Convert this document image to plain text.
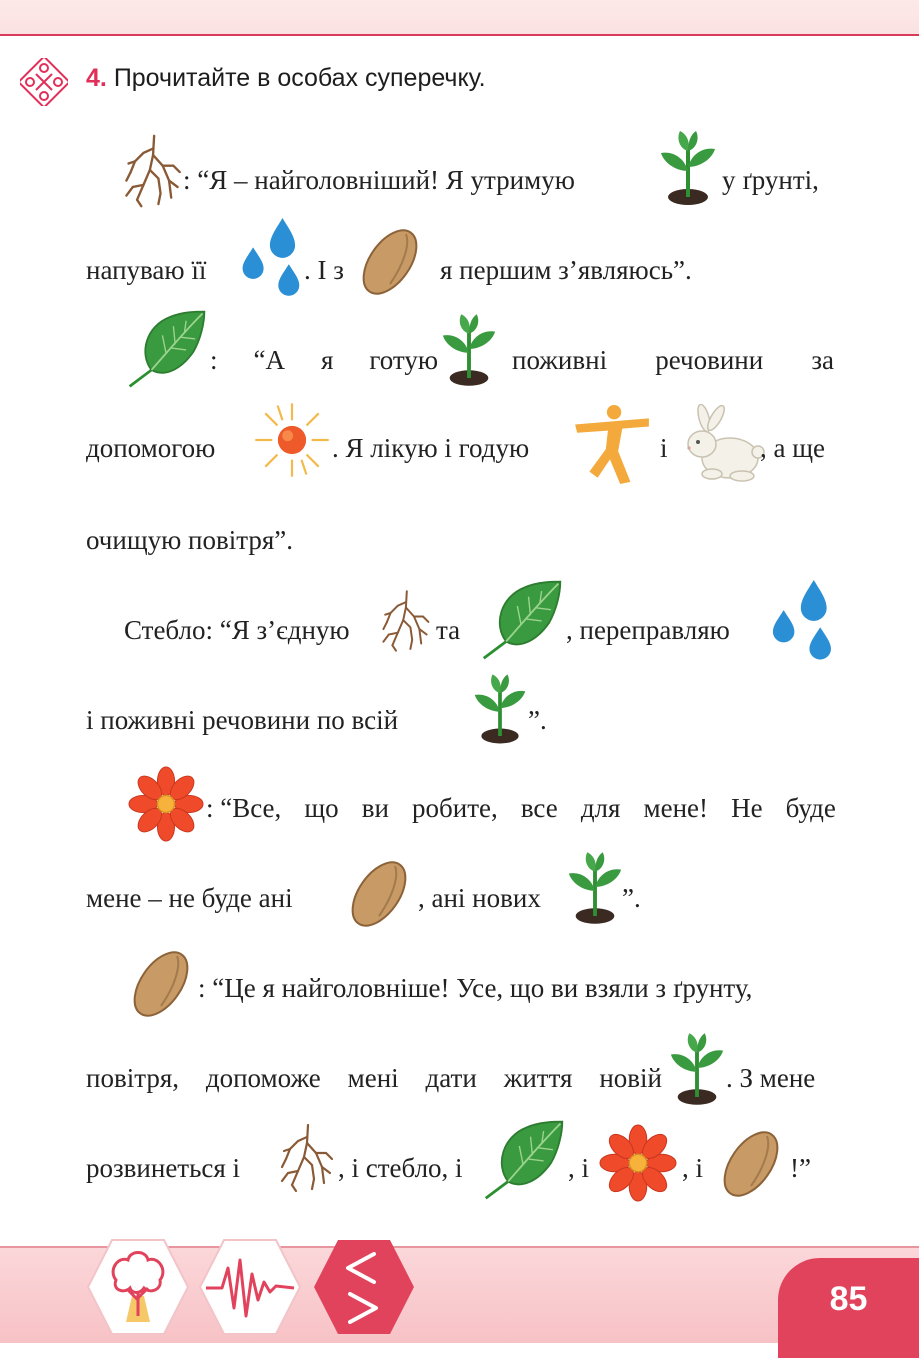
4. Прочитайте в особах суперечку.
: “Я – найголовніший! Я утримую	у ґрунті,
напуваю її	. І з	я першим з’являюсь”.
: “А я готую	поживні речовини за
допомогою	. Я лікую і годую	і	, а ще
очищую повітря”.
Стебло: “Я з’єдную	та	, переправляю
і поживні речовини по всій	”.
: “Все, що ви робите, все для мене! Не буде
мене – не буде ані	, ані нових	”.
: “Це я найголовніше! Усе, що ви взяли з ґрунту,
повітря, допоможе мені дати життя новій . З мене
розвинеться і	, і стебло, і	, і	, і	!”
85
